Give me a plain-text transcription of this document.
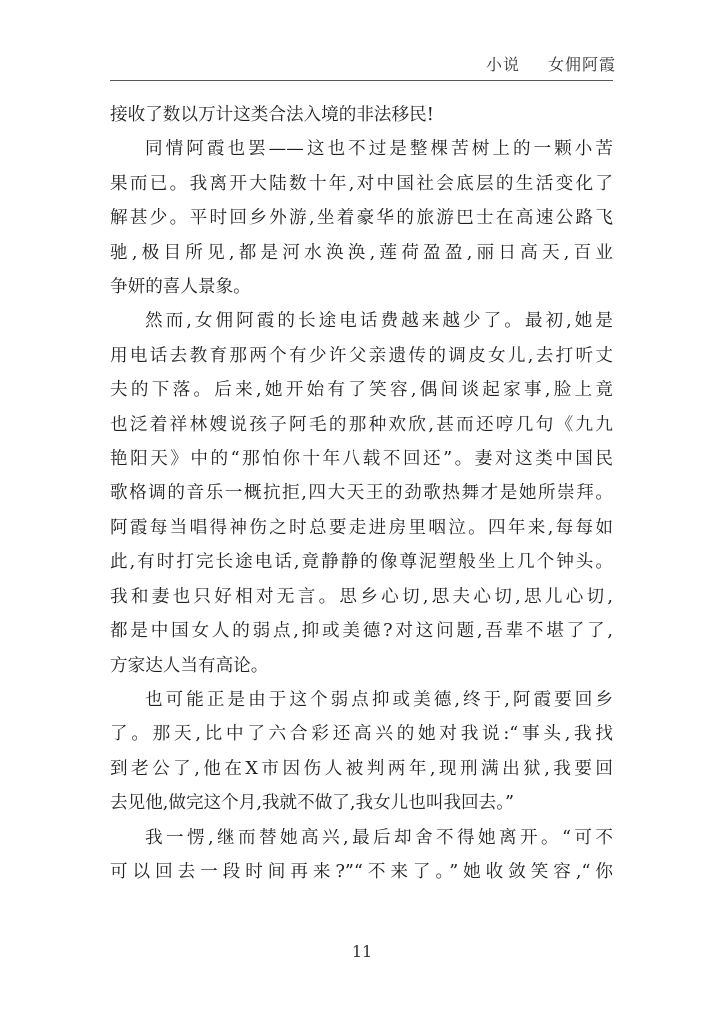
小说 女佣阿霞
接收了数以万计这类合法入境的非法移民!
同情阿霞也罢——这也不过是整棵苦树上的一颗小苦
果而已。我离开大陆数十年,对中国社会底层的生活变化了
解甚少。平时回乡外游,坐着豪华的旅游巴士在高速公路飞
驰,极目所见,都是河水涣涣,莲荷盈盈,丽日高天,百业
争妍的喜人景象。
然而,女佣阿霞的长途电话费越来越少了。最初,她是
用电话去教育那两个有少许父亲遗传的调皮女儿,去打听丈
夫的下落。后来,她开始有了笑容,偶间谈起家事,脸上竟
也泛着祥林嫂说孩子阿毛的那种欢欣,甚而还哼几句《九九
艳阳天》中的“那怕你十年八载不回还”。妻对这类中国民
歌格调的音乐一概抗拒,四大天王的劲歌热舞才是她所崇拜。
阿霞每当唱得神伤之时总要走进房里咽泣。四年来,每每如
此,有时打完长途电话,竟静静的像尊泥塑般坐上几个钟头。
我和妻也只好相对无言。思乡心切,思夫心切,思儿心切,
都是中国女人的弱点,抑或美德?对这问题,吾辈不堪了了,
方家达人当有高论。
也可能正是由于这个弱点抑或美德,终于,阿霞要回乡
了。那天,比中了六合彩还高兴的她对我说:“事头,我找
到老公了,他在X市因伤人被判两年,现刑满出狱,我要回
去见他,做完这个月,我就不做了,我女儿也叫我回去。”
我一愣,继而替她高兴,最后却舍不得她离开。“可不
可以回去一段时间再来?”“不来了。”她收敛笑容,“你
11
